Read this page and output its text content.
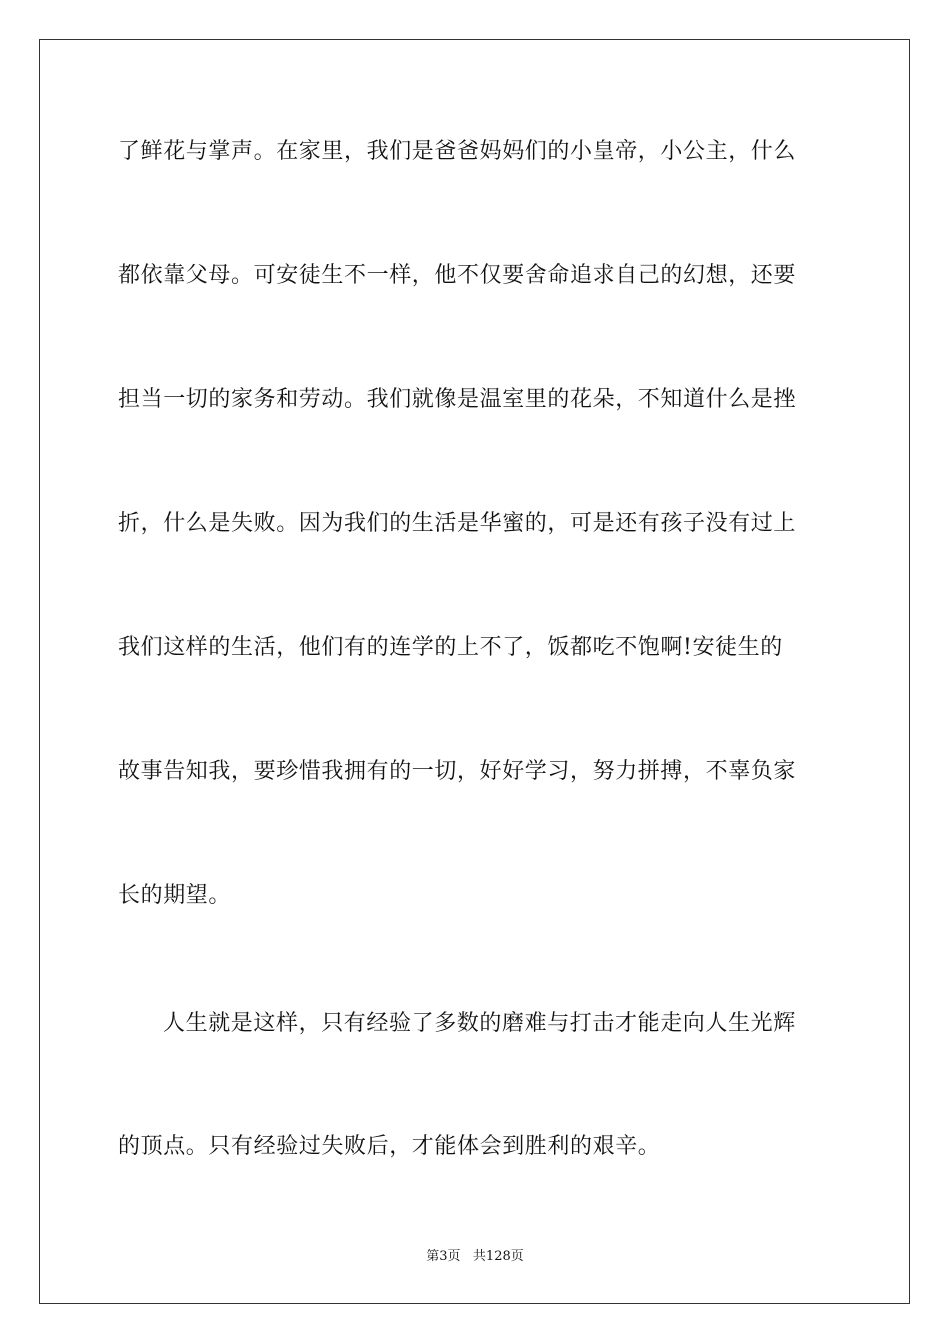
了鲜花与掌声。在家里，我们是爸爸妈妈们的小皇帝，小公主，什么
都依靠父母。可安徒生不一样，他不仅要舍命追求自己的幻想，还要
担当一切的家务和劳动。我们就像是温室里的花朵，不知道什么是挫
折，什么是失败。因为我们的生活是华蜜的，可是还有孩子没有过上
我们这样的生活，他们有的连学的上不了，饭都吃不饱啊!安徒生的
故事告知我，要珍惜我拥有的一切，好好学习，努力拼搏，不辜负家
长的期望。
人生就是这样，只有经验了多数的磨难与打击才能走向人生光辉
的顶点。只有经验过失败后，才能体会到胜利的艰辛。
第3页 共128页
